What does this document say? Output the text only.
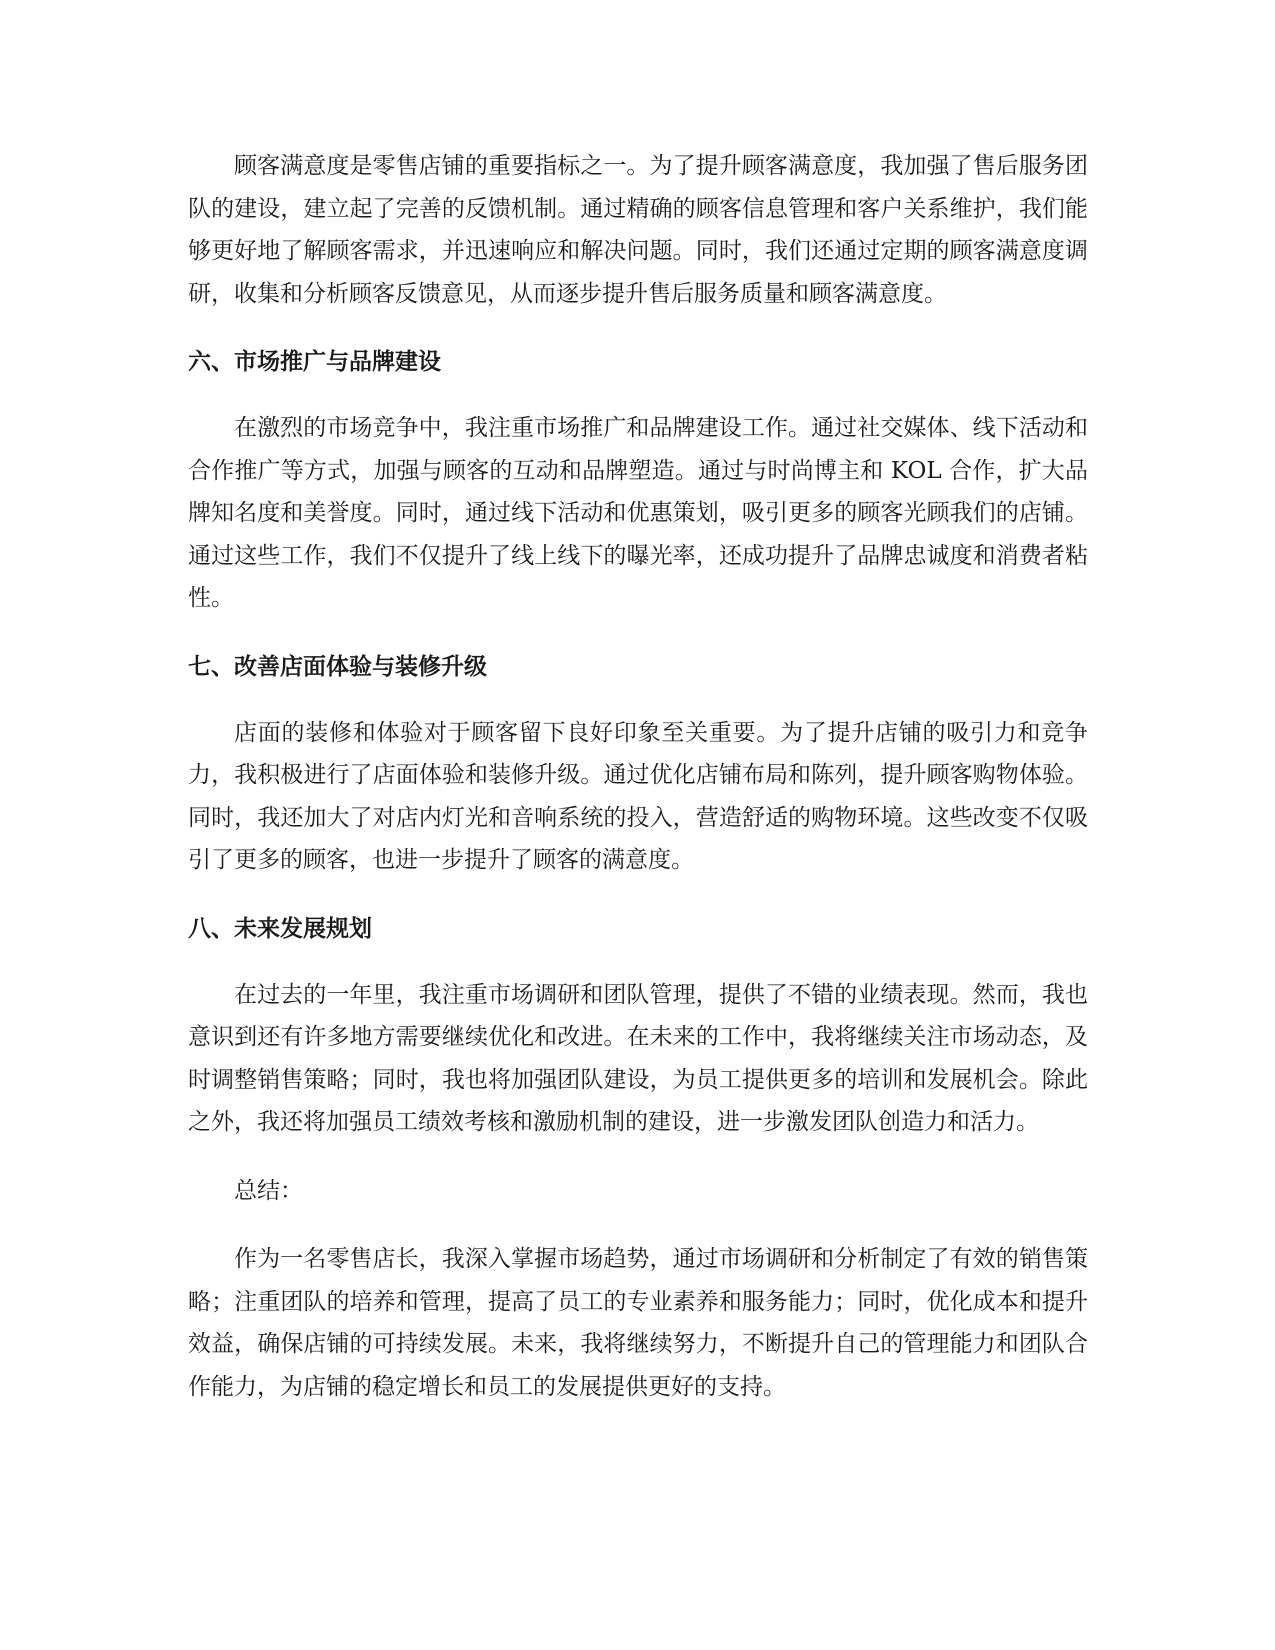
顾客满意度是零售店铺的重要指标之一。为了提升顾客满意度，我加强了售后服务团队的建设，建立起了完善的反馈机制。通过精确的顾客信息管理和客户关系维护，我们能够更好地了解顾客需求，并迅速响应和解决问题。同时，我们还通过定期的顾客满意度调研，收集和分析顾客反馈意见，从而逐步提升售后服务质量和顾客满意度。

六、市场推广与品牌建设

在激烈的市场竞争中，我注重市场推广和品牌建设工作。通过社交媒体、线下活动和合作推广等方式，加强与顾客的互动和品牌塑造。通过与时尚博主和 KOL 合作，扩大品牌知名度和美誉度。同时，通过线下活动和优惠策划，吸引更多的顾客光顾我们的店铺。通过这些工作，我们不仅提升了线上线下的曝光率，还成功提升了品牌忠诚度和消费者粘性。

七、改善店面体验与装修升级

店面的装修和体验对于顾客留下良好印象至关重要。为了提升店铺的吸引力和竞争力，我积极进行了店面体验和装修升级。通过优化店铺布局和陈列，提升顾客购物体验。同时，我还加大了对店内灯光和音响系统的投入，营造舒适的购物环境。这些改变不仅吸引了更多的顾客，也进一步提升了顾客的满意度。

八、未来发展规划

在过去的一年里，我注重市场调研和团队管理，提供了不错的业绩表现。然而，我也意识到还有许多地方需要继续优化和改进。在未来的工作中，我将继续关注市场动态，及时调整销售策略；同时，我也将加强团队建设，为员工提供更多的培训和发展机会。除此之外，我还将加强员工绩效考核和激励机制的建设，进一步激发团队创造力和活力。

总结：

作为一名零售店长，我深入掌握市场趋势，通过市场调研和分析制定了有效的销售策略；注重团队的培养和管理，提高了员工的专业素养和服务能力；同时，优化成本和提升效益，确保店铺的可持续发展。未来，我将继续努力，不断提升自己的管理能力和团队合作能力，为店铺的稳定增长和员工的发展提供更好的支持。
